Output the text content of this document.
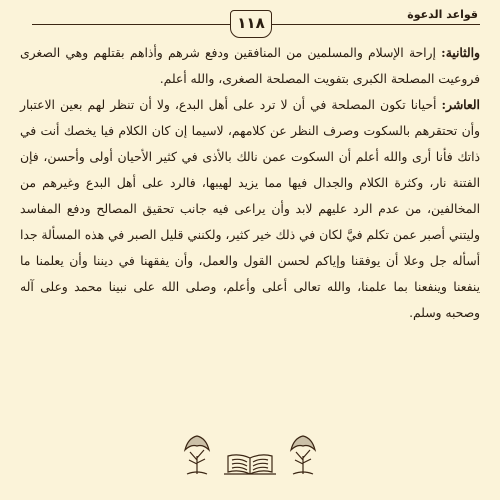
قواعد الدعوة
١١٨

والثانية: إراحة الإسلام والمسلمين من المنافقين ودفع شرهم وأذاهم بقتلهم وهي الصغرى فروعيت المصلحة الكبرى بتفويت المصلحة الصغرى، والله أعلم.

العاشر: أحيانا تكون المصلحة في أن لا ترد على أهل البدع، ولا أن تنظر لهم بعين الاعتبار وأن تحتقرهم بالسكوت وصرف النظر عن كلامهم، لاسيما إن كان الكلام فيا يخصك أنت في ذاتك فأنا أرى والله أعلم أن السكوت عمن نالك بالأذى في كثير الأحيان أولى وأحسن، فإن الفتنة نار، وكثرة الكلام والجدال فيها مما يزيد لهيبها، فالرد على أهل البدع وغيرهم من المخالفين، من عدم الرد عليهم لابد وأن يراعى فيه جانب تحقيق المصالح ودفع المفاسد وليتني أصبر عمن تكلم فيَّ لكان في ذلك خير كثير، ولكنني قليل الصبر في هذه المسألة جدا أسأله جل وعلا أن يوفقنا وإياكم لحسن القول والعمل، وأن يفقهنا في ديننا وأن يعلمنا ما ينفعنا وينفعنا بما علمنا، والله تعالى أعلى وأعلم، وصلى الله على نبينا محمد وعلى آله وصحبه وسلم.
